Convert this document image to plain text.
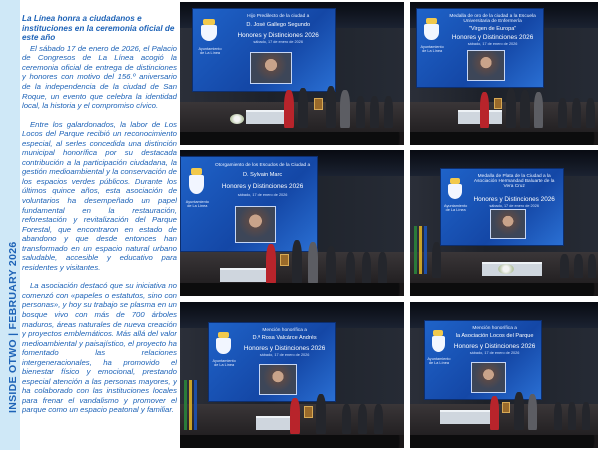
INSIDE OTWO | FEBRUARY 2026
La Línea honra a ciudadanos e instituciones en la ceremonia oficial de este año

El sábado 17 de enero de 2026, el Palacio de Congresos de La Línea acogió la ceremonia oficial de entrega de distinciones y honores con motivo del 156.º aniversario de la independencia de la ciudad de San Roque, un evento que celebra la identidad local, la historia y el compromiso cívico.

Entre los galardonados, la labor de Los Locos del Parque recibió un reconocimiento especial, al serles concedida una distinción municipal honorífica por su destacada contribución a la participación ciudadana, la gestión medioambiental y la conservación de los espacios verdes públicos. Durante los últimos quince años, esta asociación de voluntarios ha desempeñado un papel fundamental en la restauración, reforestación y revitalización del Parque Forestal, que encontraron en estado de abandono y que desde entonces han transformado en un espacio natural urbano saludable, accesible y educativo para residentes y visitantes.

La asociación destacó que su iniciativa no comenzó con «papeles o estatutos, sino con personas», y hoy su trabajo se plasma en un bosque vivo con más de 700 árboles maduros, áreas naturales de nueva creación y proyectos emblemáticos. Más allá del valor medioambiental y paisajístico, el proyecto ha fomentado las relaciones intergeneracionales, ha promovido el bienestar físico y emocional, prestando especial atención a las personas mayores, y ha colaborado con las instituciones locales para frenar el vandalismo y promover el parque como un espacio peatonal y familiar.

Ayuntamiento de La Línea
Hijo Predilecto de la ciudad a
D. José Gallego Segundo
Honores y Distinciones 2026
sábado, 17 de enero de 2026
Ayuntamiento de La Línea
Medalla de oro de la ciudad a la Escuela Universitaria de Enfermería
"Virgen de Europa"
Honores y Distinciones 2026
sábado, 17 de enero de 2026
Ayuntamiento de La Línea
Otorgamiento de los Escudos de la Ciudad a
D. Sylvain Marc
Honores y Distinciones 2026
sábado, 17 de enero de 2026
Ayuntamiento de La Línea
Medalla de Plata de la Ciudad a la Asociación Hermandad Baluarte de la Vera Cruz
Honores y Distinciones 2026
sábado, 17 de enero de 2026
Ayuntamiento de La Línea
Mención honorífica a
D.ª Rosa Valcárce Andrés
Honores y Distinciones 2026
sábado, 17 de enero de 2026
Ayuntamiento de La Línea
Mención honorífica a
la Asociación Locos del Parque
Honores y Distinciones 2026
sábado, 17 de enero de 2026
